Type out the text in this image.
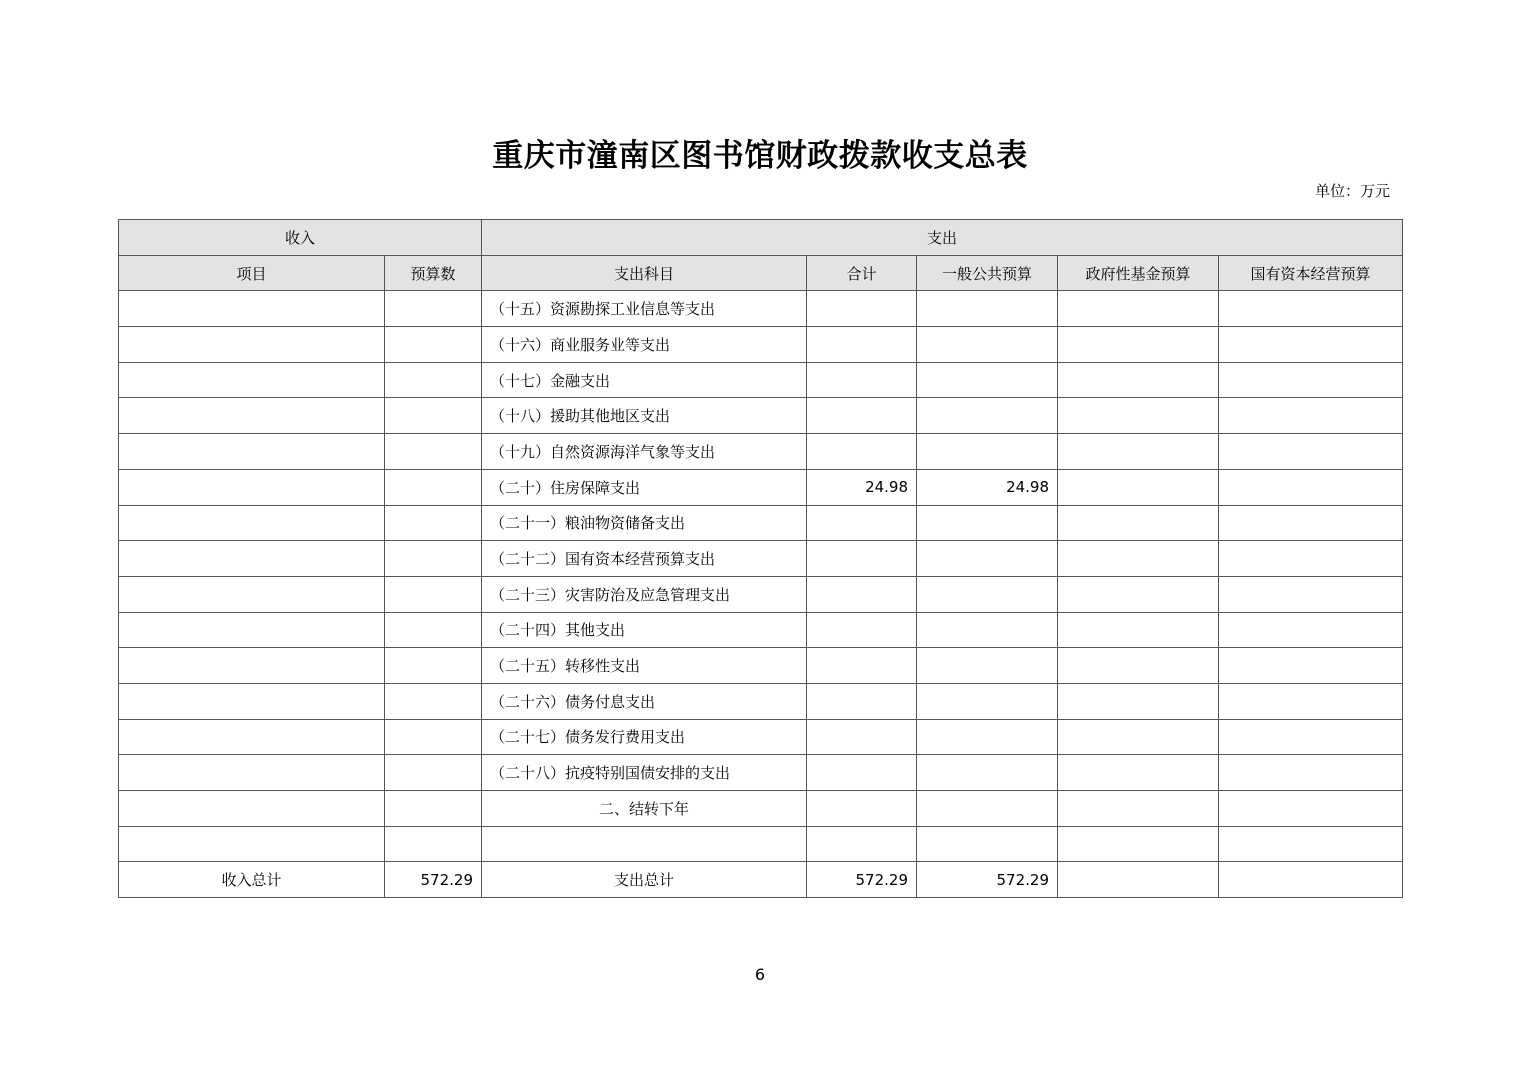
重庆市潼南区图书馆财政拨款收支总表
单位：万元
收入		支出				
项目	预算数	支出科目	合计	一般公共预算	政府性基金预算	国有资本经营预算
		（十五）资源勘探工业信息等支出				
		（十六）商业服务业等支出				
		（十七）金融支出				
		（十八）援助其他地区支出				
		（十九）自然资源海洋气象等支出				
		（二十）住房保障支出	24.98	24.98		
		（二十一）粮油物资储备支出				
		（二十二）国有资本经营预算支出				
		（二十三）灾害防治及应急管理支出				
		（二十四）其他支出				
		（二十五）转移性支出				
		（二十六）债务付息支出				
		（二十七）债务发行费用支出				
		（二十八）抗疫特别国债安排的支出				
		二、结转下年				

收入总计	572.29	支出总计	572.29	572.29		
6
